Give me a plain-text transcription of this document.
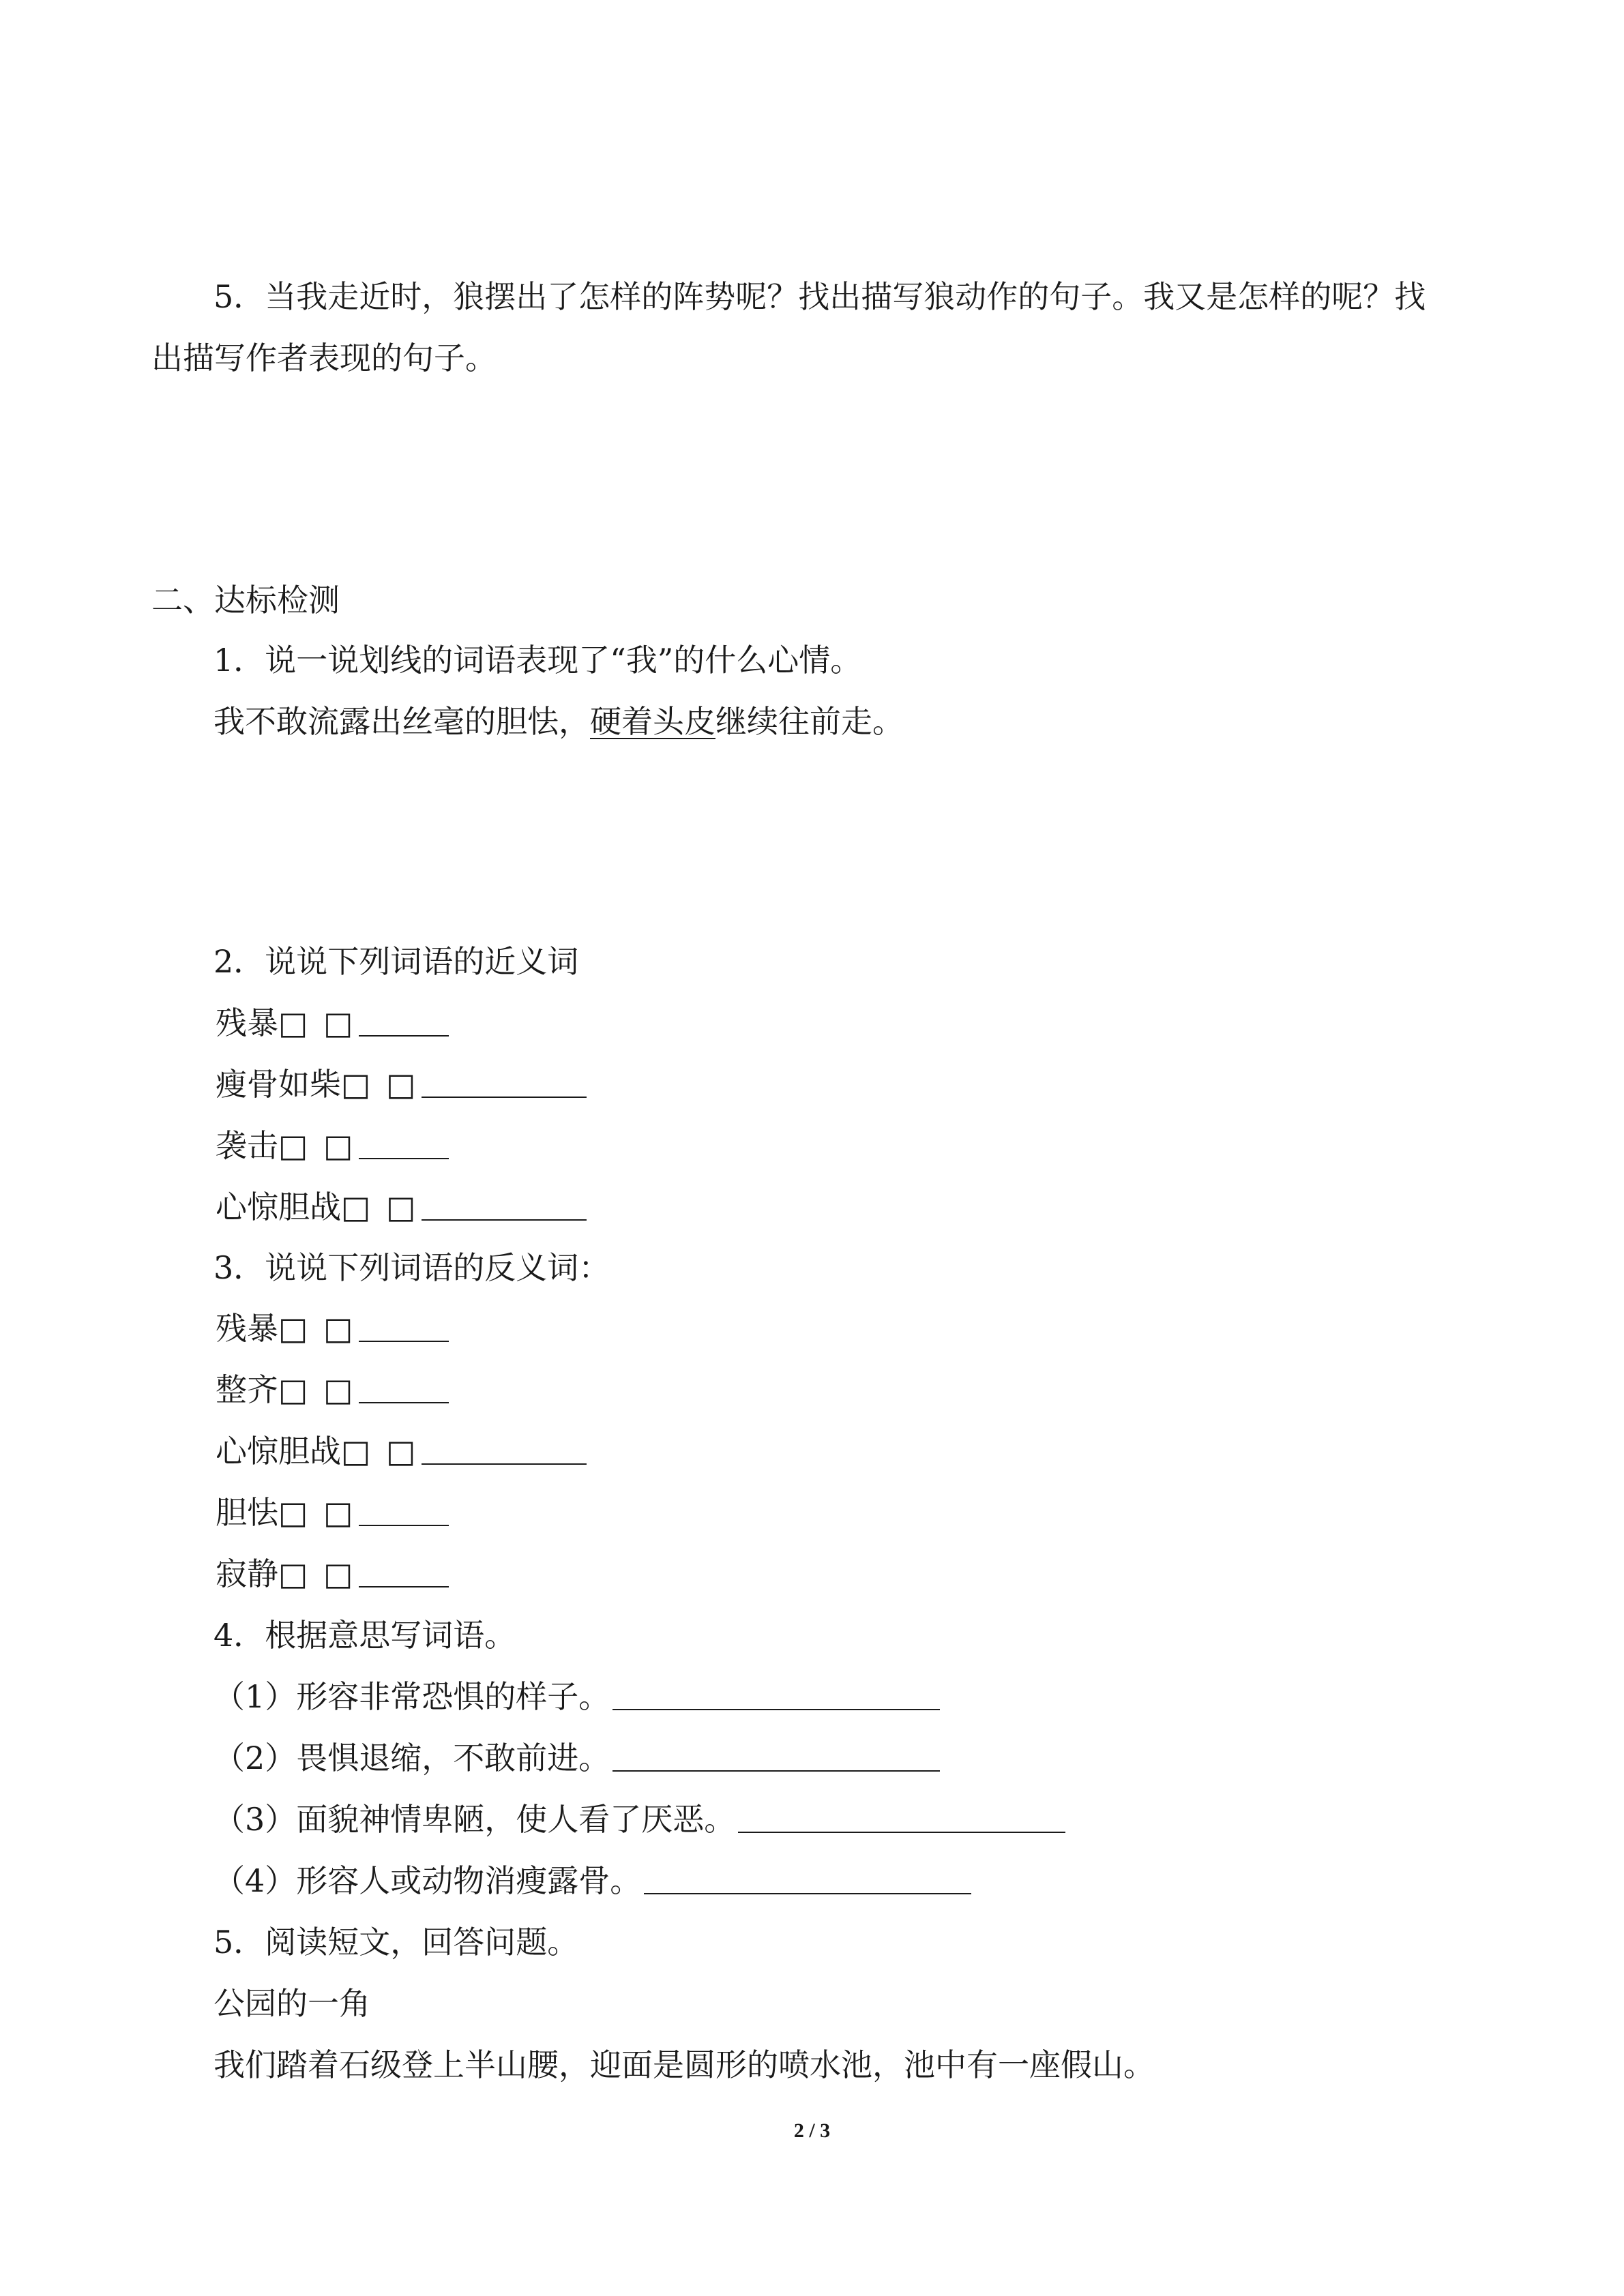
5．当我走近时，狼摆出了怎样的阵势呢？找出描写狼动作的句子。我又是怎样的呢？找
出描写作者表现的句子。
二、达标检测
1．说一说划线的词语表现了“我”的什么心情。
我不敢流露出丝毫的胆怯，硬着头皮继续往前走。
2．说说下列词语的近义词
残暴□ □
瘦骨如柴□ □
袭击□ □
心惊胆战□ □
3．说说下列词语的反义词：
残暴□ □
整齐□ □
心惊胆战□ □
胆怯□ □
寂静□ □
4．根据意思写词语。
（1）形容非常恐惧的样子。
（2）畏惧退缩，不敢前进。
（3）面貌神情卑陋，使人看了厌恶。
（4）形容人或动物消瘦露骨。
5．阅读短文，回答问题。
公园的一角
我们踏着石级登上半山腰，迎面是圆形的喷水池，池中有一座假山。
2 / 3
